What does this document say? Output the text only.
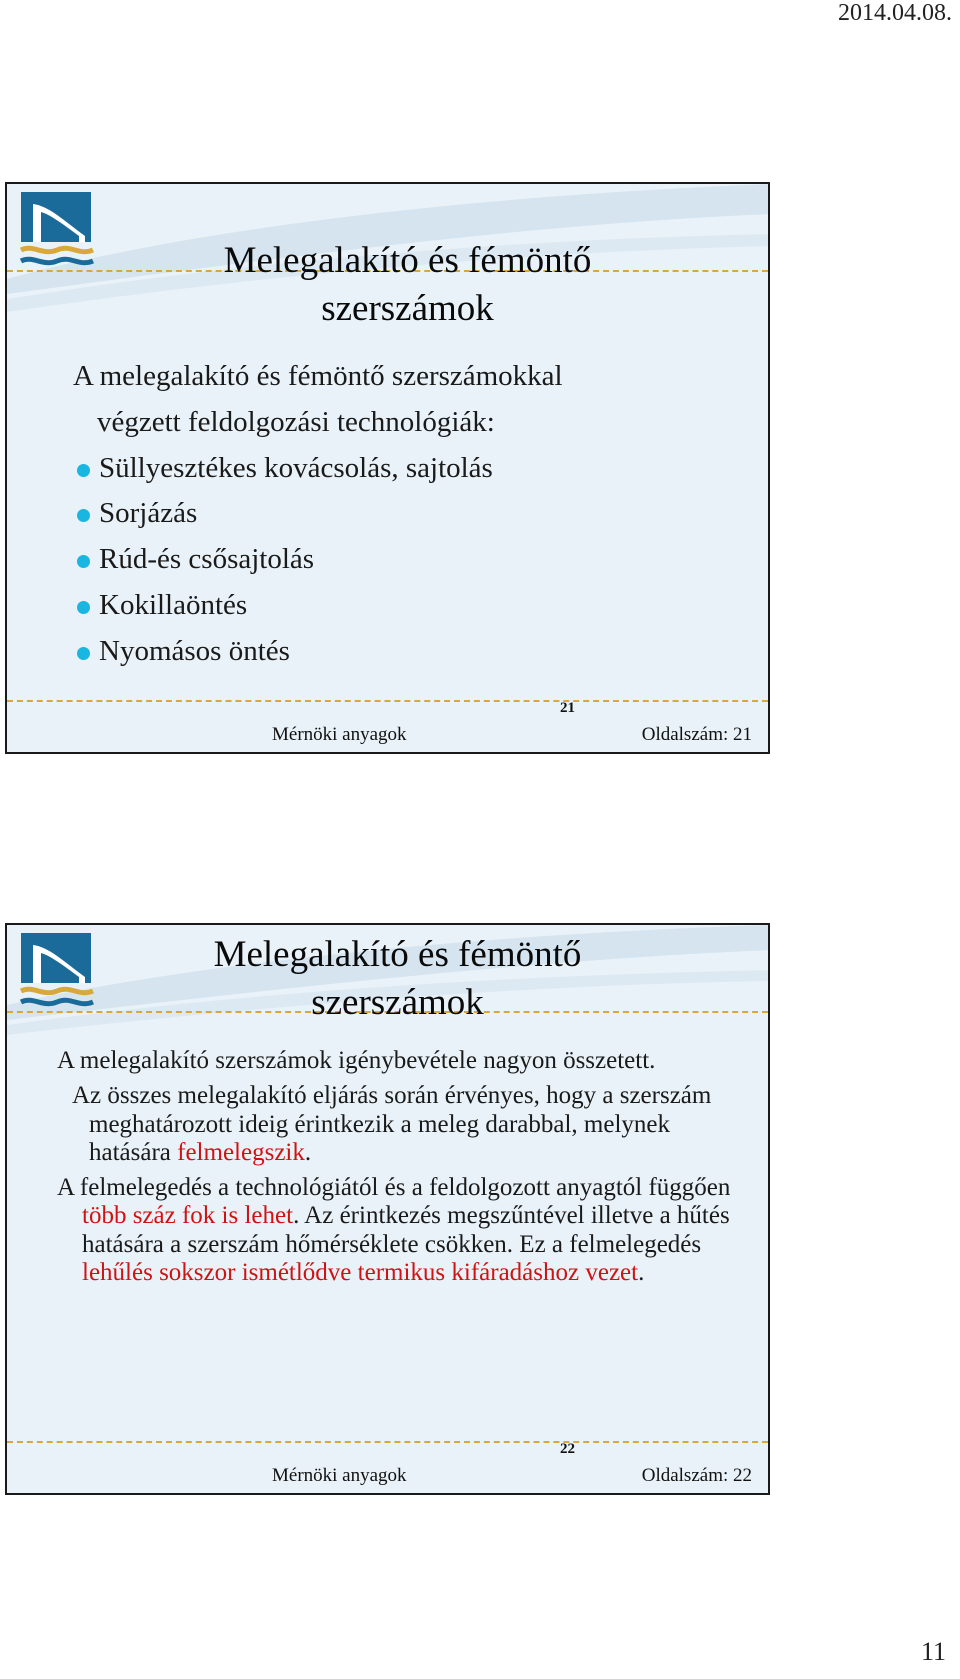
2014.04.08.
Melegalakító és fémöntő
szerszámok
A melegalakító és fémöntő szerszámokkal
végzett feldolgozási technológiák:
Süllyesztékes kovácsolás, sajtolás
Sorjázás
Rúd-és csősajtolás
Kokillaöntés
Nyomásos öntés
21
Mérnöki anyagok	Oldalszám: 21
Melegalakító és fémöntő
szerszámok

A melegalakító szerszámok igénybevétele nagyon összetett.

Az összes melegalakító eljárás során érvényes, hogy a szerszám meghatározott ideig érintkezik a meleg darabbal, melynek hatására felmelegszik.

A felmelegedés a technológiától és a feldolgozott anyagtól függően több száz fok is lehet. Az érintkezés megszűntével illetve a hűtés hatására a szerszám hőmérséklete csökken. Ez a felmelegedés lehűlés sokszor ismétlődve termikus kifáradáshoz vezet.

22
Mérnöki anyagok	Oldalszám: 22
11
